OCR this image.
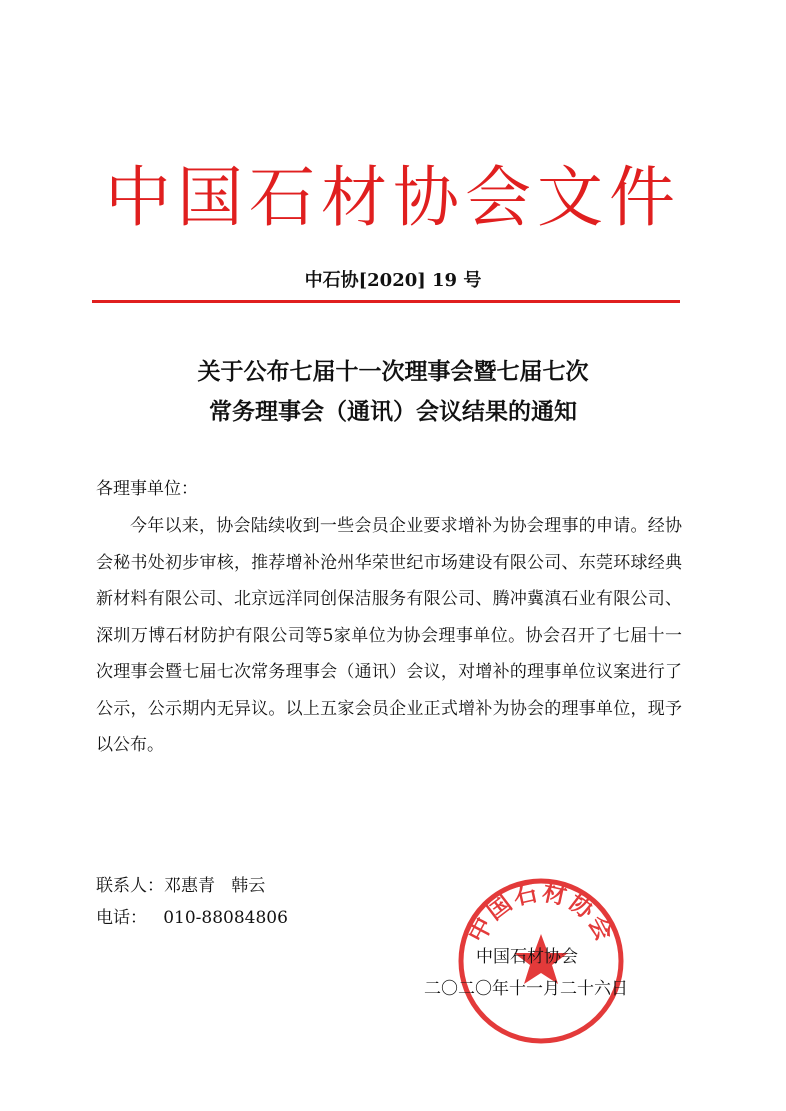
中国石材协会文件
中石协[2020] 19 号
关于公布七届十一次理事会暨七届七次
常务理事会（通讯）会议结果的通知
各理事单位：

今年以来，协会陆续收到一些会员企业要求增补为协会理事的申请。经协会秘书处初步审核，推荐增补沧州华荣世纪市场建设有限公司、东莞环球经典新材料有限公司、北京远洋同创保洁服务有限公司、腾冲冀滇石业有限公司、深圳万博石材防护有限公司等5家单位为协会理事单位。协会召开了七届十一次理事会暨七届七次常务理事会（通讯）会议，对增补的理事单位议案进行了公示，公示期内无异议。以上五家会员企业正式增补为协会的理事单位，现予以公布。

联系人：邓惠青   韩云
电话：   010-88084806	中国石材协会
中国石材协会
二〇二〇年十一月二十六日
